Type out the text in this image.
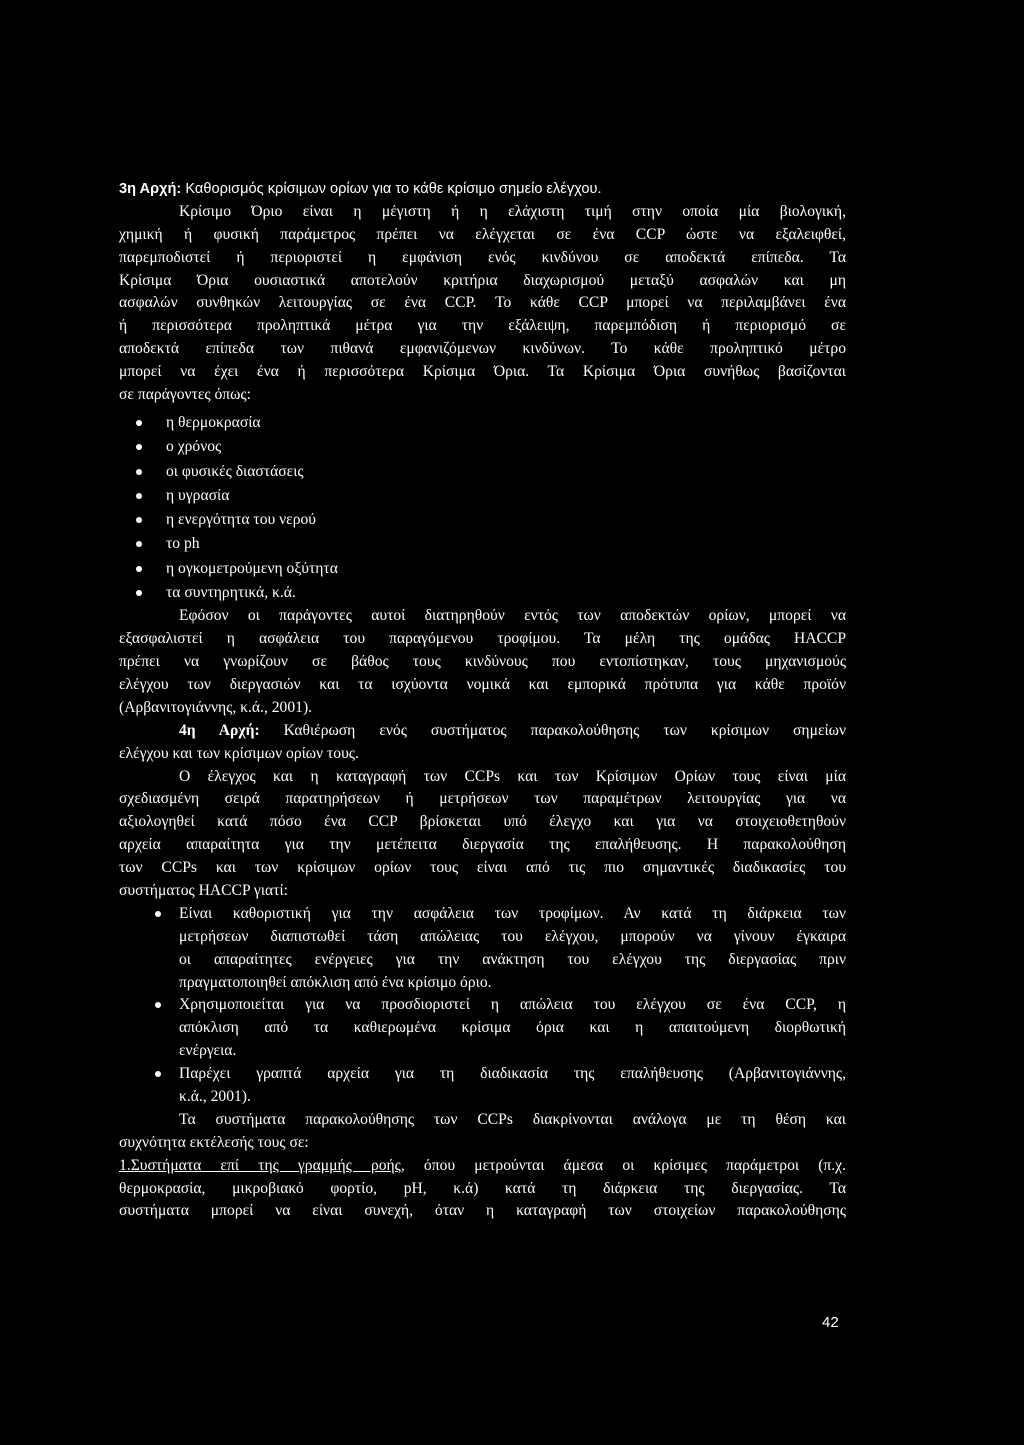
3η Αρχή: Καθορισμός κρίσιμων ορίων για το κάθε κρίσιμο σημείο ελέγχου.
Κρίσιμο Όριο είναι η μέγιστη ή η ελάχιστη τιμή στην οποία μία βιολογική,
χημική ή φυσική παράμετρος πρέπει να ελέγχεται σε ένα CCP ώστε να εξαλειφθεί,
παρεμποδιστεί ή περιοριστεί η εμφάνιση ενός κινδύνου σε αποδεκτά επίπεδα. Τα
Κρίσιμα Όρια ουσιαστικά αποτελούν κριτήρια διαχωρισμού μεταξύ ασφαλών και μη
ασφαλών συνθηκών λειτουργίας σε ένα CCP. Το κάθε CCP μπορεί να περιλαμβάνει ένα
ή περισσότερα προληπτικά μέτρα για την εξάλειψη, παρεμπόδιση ή περιορισμό σε
αποδεκτά επίπεδα των πιθανά εμφανιζόμενων κινδύνων. Το κάθε προληπτικό μέτρο
μπορεί να έχει ένα ή περισσότερα Κρίσιμα Όρια. Τα Κρίσιμα Όρια συνήθως βασίζονται
σε παράγοντες όπως:
η θερμοκρασία
ο χρόνος
οι φυσικές διαστάσεις
η υγρασία
η ενεργότητα του νερού
το ph
η ογκομετρούμενη οξύτητα
τα συντηρητικά, κ.ά.
Εφόσον οι παράγοντες αυτοί διατηρηθούν εντός των αποδεκτών ορίων, μπορεί να
εξασφαλιστεί η ασφάλεια του παραγόμενου τροφίμου. Τα μέλη της ομάδας HACCP
πρέπει να γνωρίζουν σε βάθος τους κινδύνους που εντοπίστηκαν, τους μηχανισμούς
ελέγχου των διεργασιών και τα ισχύοντα νομικά και εμπορικά πρότυπα για κάθε προϊόν
(Αρβανιτογιάννης, κ.ά., 2001).
4η Αρχή: Καθιέρωση ενός συστήματος παρακολούθησης των κρίσιμων σημείων
ελέγχου και των κρίσιμων ορίων τους.
Ο έλεγχος και η καταγραφή των CCPs και των Κρίσιμων Ορίων τους είναι μία
σχεδιασμένη σειρά παρατηρήσεων ή μετρήσεων των παραμέτρων λειτουργίας για να
αξιολογηθεί κατά πόσο ένα CCP βρίσκεται υπό έλεγχο και για να στοιχειοθετηθούν
αρχεία απαραίτητα για την μετέπειτα διεργασία της επαλήθευσης. Η παρακολούθηση
των CCPs και των κρίσιμων ορίων τους είναι από τις πιο σημαντικές διαδικασίες του
συστήματος HACCP γιατί:
Είναι καθοριστική για την ασφάλεια των τροφίμων. Αν κατά τη διάρκεια των
μετρήσεων διαπιστωθεί τάση απώλειας του ελέγχου, μπορούν να γίνουν έγκαιρα
οι απαραίτητες ενέργειες για την ανάκτηση του ελέγχου της διεργασίας πριν
πραγματοποιηθεί απόκλιση από ένα κρίσιμο όριο.
Χρησιμοποιείται για να προσδιοριστεί η απώλεια του ελέγχου σε ένα CCP, η
απόκλιση από τα καθιερωμένα κρίσιμα όρια και η απαιτούμενη διορθωτική
ενέργεια.
Παρέχει γραπτά αρχεία για τη διαδικασία της επαλήθευσης (Αρβανιτογιάννης,
κ.ά., 2001).
Τα συστήματα παρακολούθησης των CCPs διακρίνονται ανάλογα με τη θέση και
συχνότητα εκτέλεσής τους σε:
1.Συστήματα επί της γραμμής ροής, όπου μετρούνται άμεσα οι κρίσιμες παράμετροι (π.χ.
θερμοκρασία, μικροβιακό φορτίο, pH, κ.ά) κατά τη διάρκεια της διεργασίας. Τα
συστήματα μπορεί να είναι συνεχή, όταν η καταγραφή των στοιχείων παρακολούθησης
42
